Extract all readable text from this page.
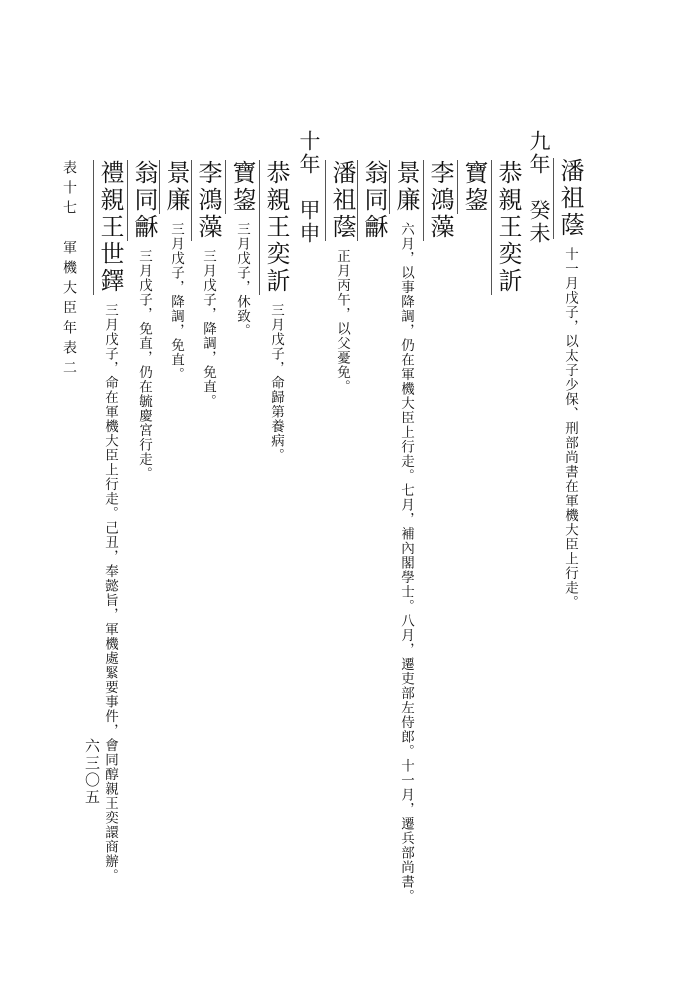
表十七　軍機大臣年表二
六三〇五
潘祖蔭十一月戊子，以太子少保、刑部尚書在軍機大臣上行走。
九年　癸未
恭親王奕訢
寶鋆
李鴻藻
景廉六月，以事降調，仍在軍機大臣上行走。七月，補內閣學士。八月，遷吏部左侍郎。十一月，遷兵部尚書。
翁同龢
潘祖蔭正月丙午，以父憂免。
十年　甲申
恭親王奕訢三月戊子，命歸第養病。
寶鋆三月戊子，休致。
李鴻藻三月戊子，降調，免直。
景廉三月戊子，降調，免直。
翁同龢三月戊子，免直，仍在毓慶宮行走。
禮親王世鐸三月戊子，命在軍機大臣上行走。己丑，奉懿旨，軍機處緊要事件，會同醇親王奕譞商辦。
